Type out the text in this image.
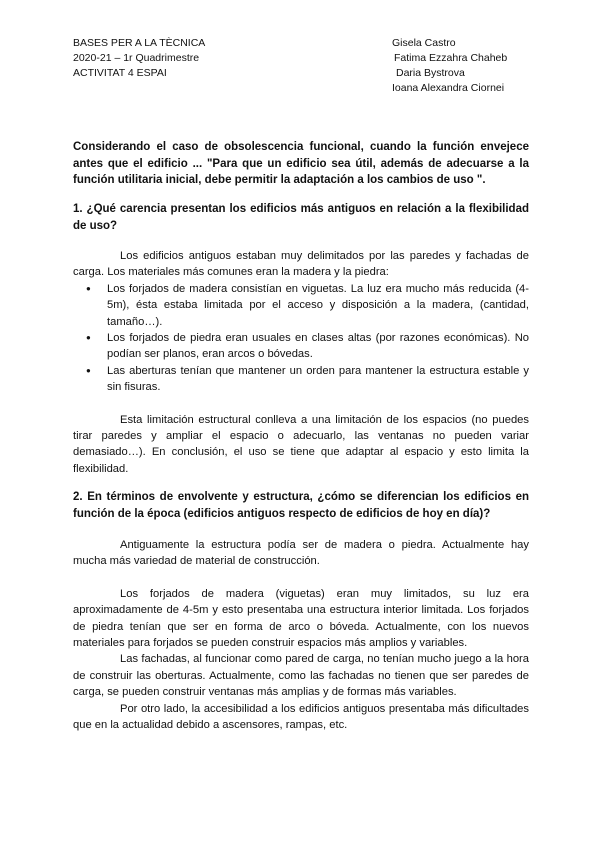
BASES PER A LA TÈCNICA
2020-21 – 1r Quadrimestre
ACTIVITAT 4 ESPAI
Gisela Castro
Fatima Ezzahra Chaheb
Daria Bystrova
Ioana Alexandra Ciornei
Considerando el caso de obsolescencia funcional, cuando la función envejece antes que el edificio ... "Para que un edificio sea útil, además de adecuarse a la función utilitaria inicial, debe permitir la adaptación a los cambios de uso ".
1. ¿Qué carencia presentan los edificios más antiguos en relación a la flexibilidad de uso?

Los edificios antiguos estaban muy delimitados por las paredes y fachadas de carga. Los materiales más comunes eran la madera y la piedra:

● Los forjados de madera consistían en viguetas. La luz era mucho más reducida (4-5m), ésta estaba limitada por el acceso y disposición a la madera, (cantidad, tamaño…).
● Los forjados de piedra eran usuales en clases altas (por razones económicas). No podían ser planos, eran arcos o bóvedas.
● Las aberturas tenían que mantener un orden para mantener la estructura estable y sin fisuras.

Esta limitación estructural conlleva a una limitación de los espacios (no puedes tirar paredes y ampliar el espacio o adecuarlo, las ventanas no pueden variar demasiado…). En conclusión, el uso se tiene que adaptar al espacio y esto limita la flexibilidad.

2. En términos de envolvente y estructura, ¿cómo se diferencian los edificios en función de la época (edificios antiguos respecto de edificios de hoy en día)?

Antiguamente la estructura podía ser de madera o piedra. Actualmente hay mucha más variedad de material de construcción.

Los forjados de madera (viguetas) eran muy limitados, su luz era aproximadamente de 4-5m y esto presentaba una estructura interior limitada. Los forjados de piedra tenían que ser en forma de arco o bóveda. Actualmente, con los nuevos materiales para forjados se pueden construir espacios más amplios y variables.

Las fachadas, al funcionar como pared de carga, no tenían mucho juego a la hora de construir las oberturas. Actualmente, como las fachadas no tienen que ser paredes de carga, se pueden construir ventanas más amplias y de formas más variables.

Por otro lado, la accesibilidad a los edificios antiguos presentaba más dificultades que en la actualidad debido a ascensores, rampas, etc.
